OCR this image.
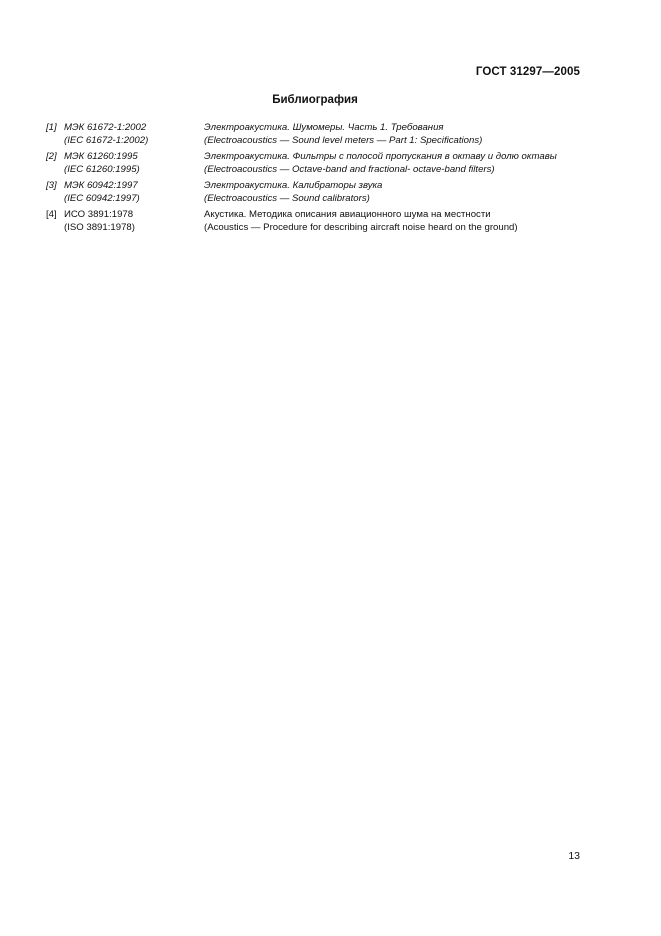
ГОСТ 31297—2005
Библиография
[1] МЭК 61672-1:2002
(IEC 61672-1:2002)
Электроакустика. Шумомеры. Часть 1. Требования
(Electroacoustics — Sound level meters — Part 1: Specifications)
[2] МЭК 61260:1995
(IEC 61260:1995)
Электроакустика. Фильтры с полосой пропускания в октаву и долю октавы
(Electroacoustics — Octave-band and fractional- octave-band filters)
[3] МЭК 60942:1997
(IEC 60942:1997)
Электроакустика. Калибраторы звука
(Electroacoustics — Sound calibrators)
[4] ИСО 3891:1978
(ISO 3891:1978)
Акустика. Методика описания авиационного шума на местности
(Acoustics — Procedure for describing aircraft noise heard on the ground)
13
